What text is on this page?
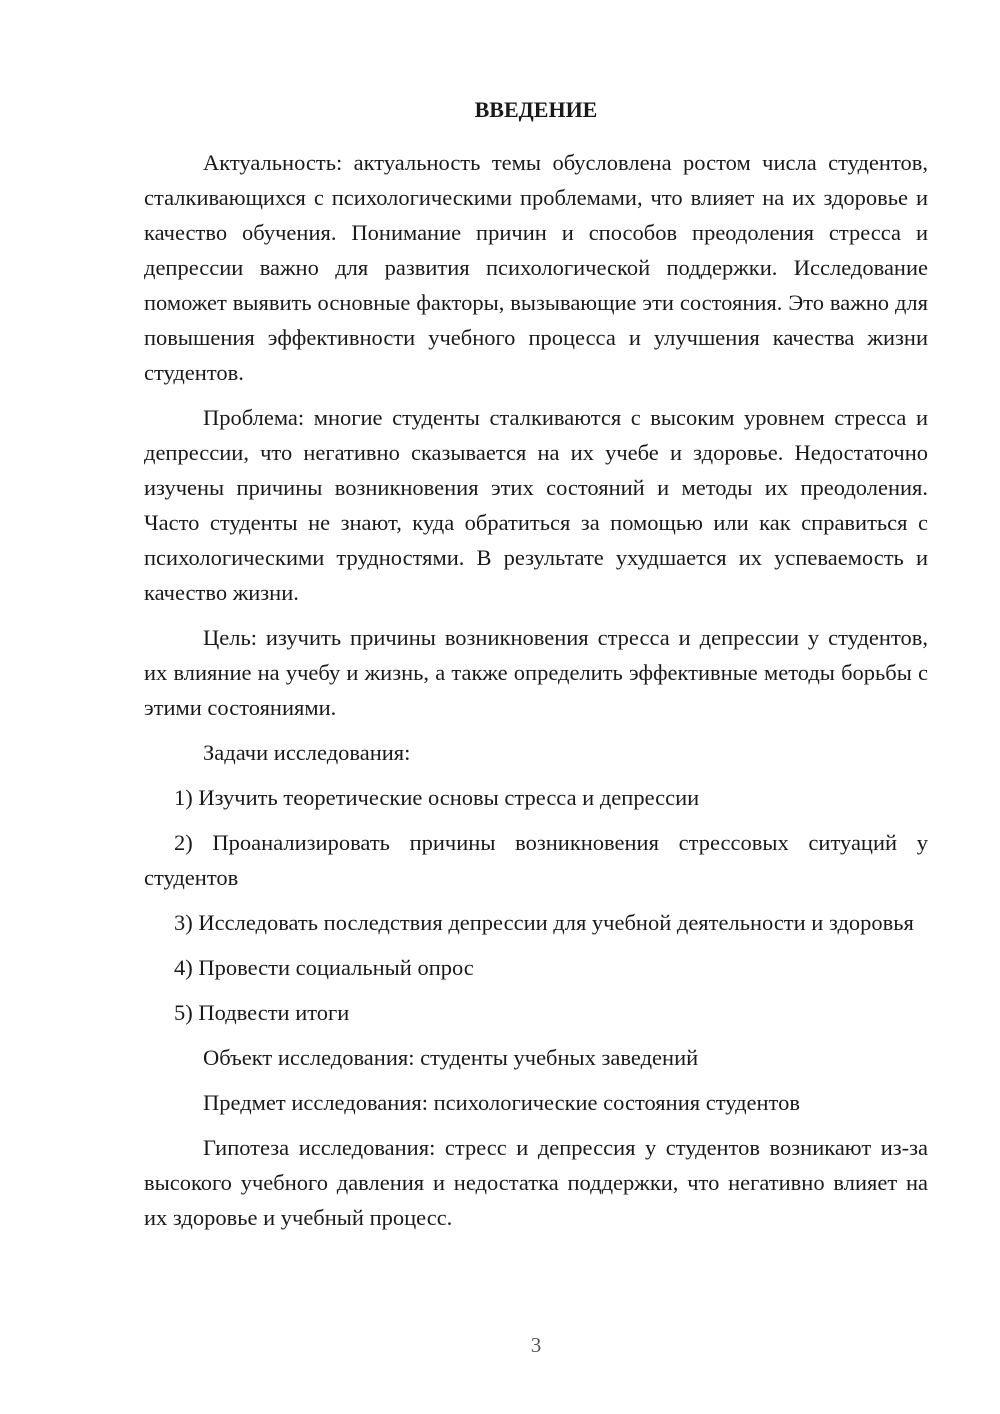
ВВЕДЕНИЕ

Актуальность: актуальность темы обусловлена ростом числа студентов, сталкивающихся с психологическими проблемами, что влияет на их здоровье и качество обучения. Понимание причин и способов преодоления стресса и депрессии важно для развития психологической поддержки. Исследование поможет выявить основные факторы, вызывающие эти состояния. Это важно для повышения эффективности учебного процесса и улучшения качества жизни студентов.

Проблема: многие студенты сталкиваются с высоким уровнем стресса и депрессии, что негативно сказывается на их учебе и здоровье. Недостаточно изучены причины возникновения этих состояний и методы их преодоления. Часто студенты не знают, куда обратиться за помощью или как справиться с психологическими трудностями. В результате ухудшается их успеваемость и качество жизни.

Цель: изучить причины возникновения стресса и депрессии у студентов, их влияние на учебу и жизнь, а также определить эффективные методы борьбы с этими состояниями.

Задачи исследования:

1) Изучить теоретические основы стресса и депрессии

2) Проанализировать причины возникновения стрессовых ситуаций у студентов

3) Исследовать последствия депрессии для учебной деятельности и здоровья

4) Провести социальный опрос

5) Подвести итоги

Объект исследования: студенты учебных заведений

Предмет исследования: психологические состояния студентов

Гипотеза исследования: стресс и депрессия у студентов возникают из-за высокого учебного давления и недостатка поддержки, что негативно влияет на их здоровье и учебный процесс.

3
